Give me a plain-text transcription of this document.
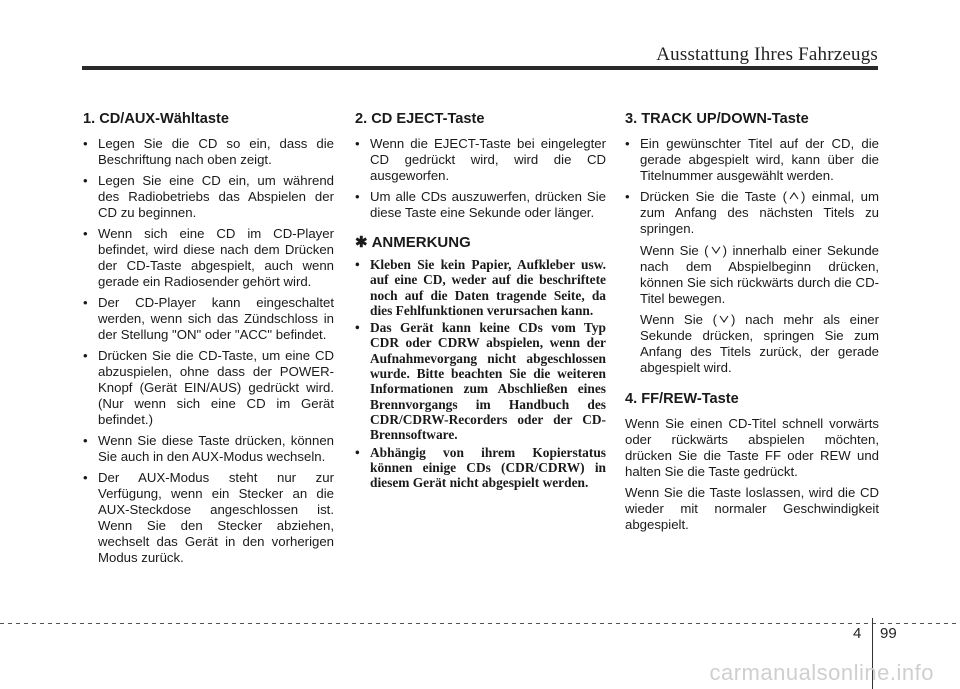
Ausstattung Ihres Fahrzeugs
1. CD/AUX-Wähltaste
• Legen Sie die CD so ein, dass die Beschriftung nach oben zeigt.
• Legen Sie eine CD ein, um während des Radiobetriebs das Abspielen der CD zu beginnen.
• Wenn sich eine CD im CD-Player befindet, wird diese nach dem Drücken der CD-Taste abgespielt, auch wenn gerade ein Radiosender gehört wird.
• Der CD-Player kann eingeschaltet werden, wenn sich das Zündschloss in der Stellung "ON" oder "ACC" befindet.
• Drücken Sie die CD-Taste, um eine CD abzuspielen, ohne dass der POWER-Knopf (Gerät EIN/AUS) gedrückt wird. (Nur wenn sich eine CD im Gerät befindet.)
• Wenn Sie diese Taste drücken, können Sie auch in den AUX-Modus wechseln.
• Der AUX-Modus steht nur zur Verfügung, wenn ein Stecker an die AUX-Steckdose angeschlossen ist. Wenn Sie den Stecker abziehen, wechselt das Gerät in den vorherigen Modus zurück.
2. CD EJECT-Taste
• Wenn die EJECT-Taste bei eingelegter CD gedrückt wird, wird die CD ausgeworfen.
• Um alle CDs auszuwerfen, drücken Sie diese Taste eine Sekunde oder länger.
✱ ANMERKUNG
• Kleben Sie kein Papier, Aufkleber usw. auf eine CD, weder auf die beschriftete noch auf die Daten tragende Seite, da dies Fehlfunktionen verursachen kann.
• Das Gerät kann keine CDs vom Typ CDR oder CDRW abspielen, wenn der Aufnahmevorgang nicht abgeschlossen wurde. Bitte beachten Sie die weiteren Informationen zum Abschließen eines Brennvorgangs im Handbuch des CDR/CDRW-Recorders oder der CD-Brennsoftware.
• Abhängig von ihrem Kopierstatus können einige CDs (CDR/CDRW) in diesem Gerät nicht abgespielt werden.
3. TRACK UP/DOWN-Taste
• Ein gewünschter Titel auf der CD, die gerade abgespielt wird, kann über die Titelnummer ausgewählt werden.
• Drücken Sie die Taste ( ) einmal, um zum Anfang des nächsten Titels zu springen.

Wenn Sie ( ) innerhalb einer Sekunde nach dem Abspielbeginn drücken, können Sie sich rückwärts durch die CD-Titel bewegen.

Wenn Sie ( ) nach mehr als einer Sekunde drücken, springen Sie zum Anfang des Titels zurück, der gerade abgespielt wird.

4. FF/REW-Taste

Wenn Sie einen CD-Titel schnell vorwärts oder rückwärts abspielen möchten, drücken Sie die Taste FF oder REW und halten Sie die Taste gedrückt.

Wenn Sie die Taste loslassen, wird die CD wieder mit normaler Geschwindigkeit abgespielt.

4 99
carmanualsonline.info
